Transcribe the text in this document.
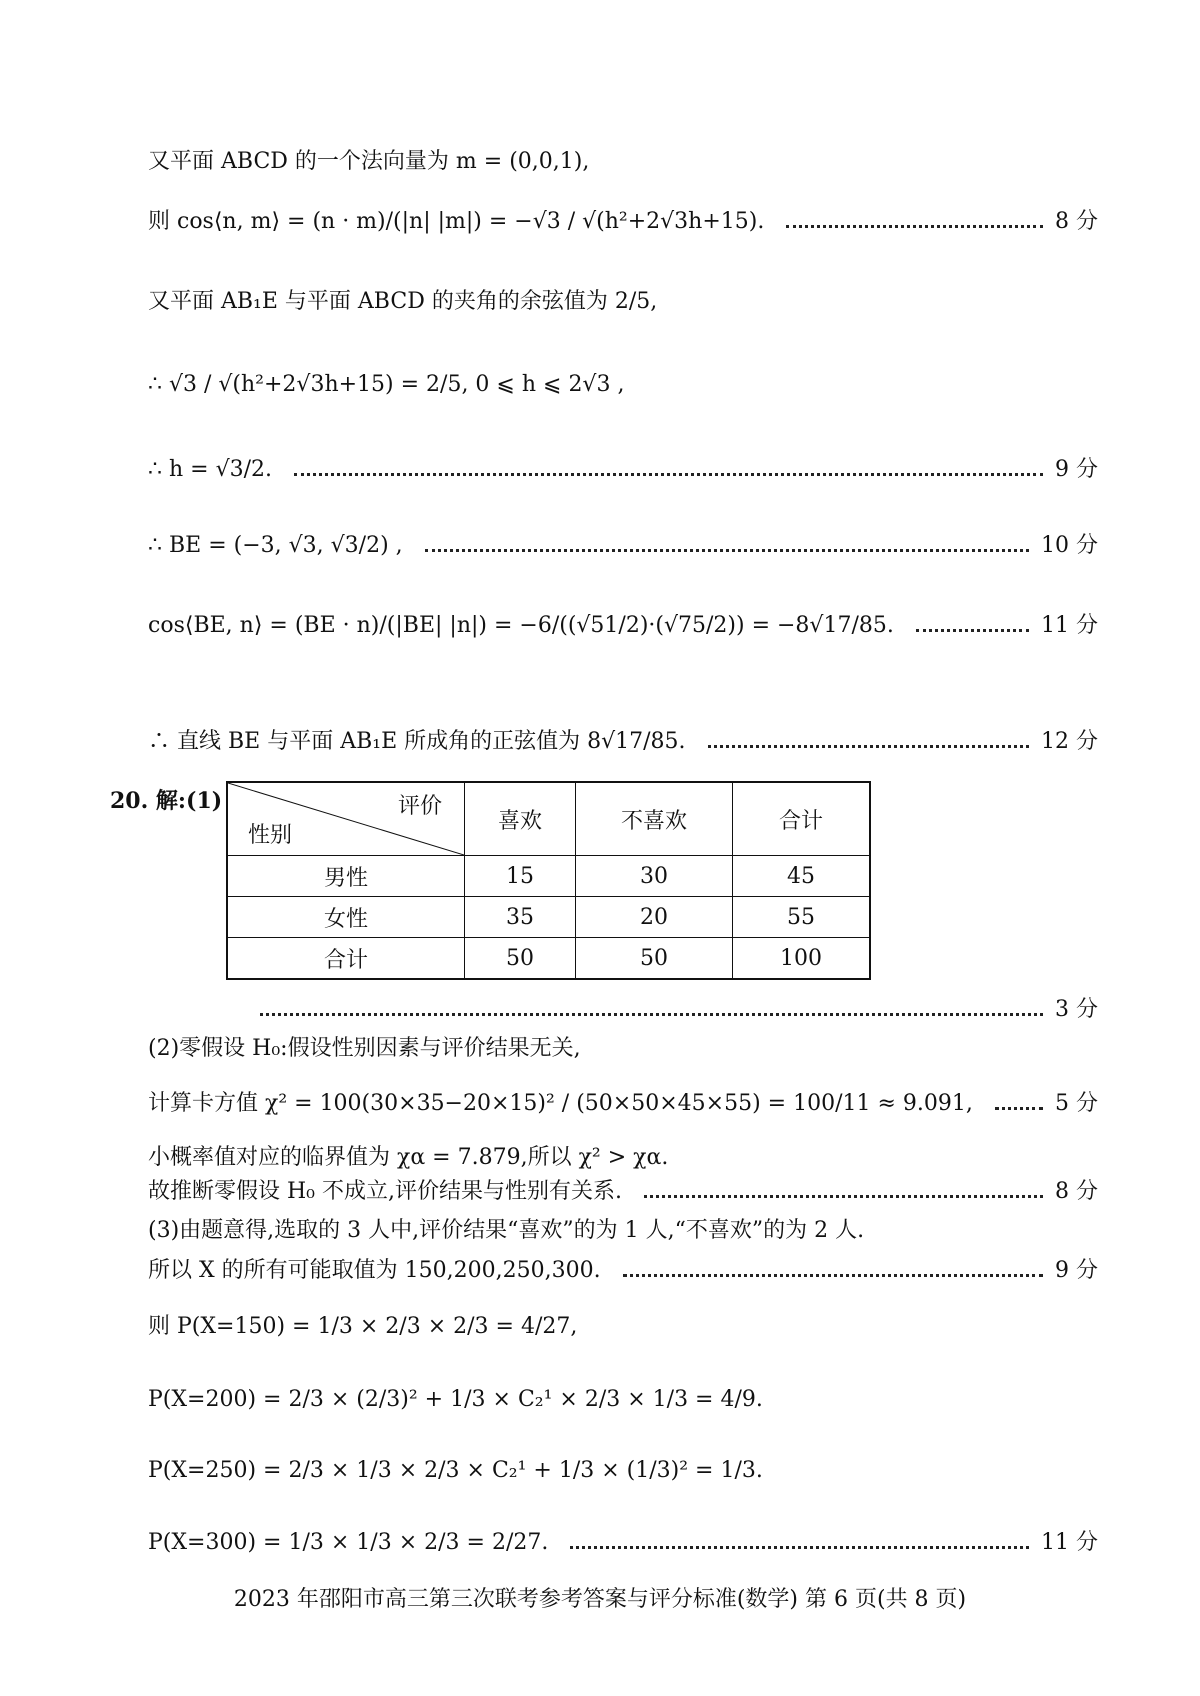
又平面 ABCD 的一个法向量为 m = (0,0,1),
则 cos⟨n, m⟩ = (n · m)/(|n| |m|) = −√3 / √(h²+2√3h+15).	8 分
又平面 AB₁E 与平面 ABCD 的夹角的余弦值为 2/5,
∴ √3 / √(h²+2√3h+15) = 2/5, 0 ⩽ h ⩽ 2√3 ,
∴ h = √3/2.	9 分
∴ BE = (−3, √3, √3/2) ,	10 分
cos⟨BE, n⟩ = (BE · n)/(|BE| |n|) = −6/((√51/2)·(√75/2)) = −8√17/85.	11 分
∴ 直线 BE 与平面 AB₁E 所成角的正弦值为 8√17/85.	12 分
20. 解:(1)	评价
性别	喜欢	不喜欢	合计
男性	15	30	45
女性	35	20	55
合计	50	50	100
3 分
(2)零假设 H₀:假设性别因素与评价结果无关,
计算卡方值 χ² = 100(30×35−20×15)² / (50×50×45×55) = 100/11 ≈ 9.091,	5 分
小概率值对应的临界值为 χα = 7.879,所以 χ² > χα.
故推断零假设 H₀ 不成立,评价结果与性别有关系.	8 分
(3)由题意得,选取的 3 人中,评价结果“喜欢”的为 1 人,“不喜欢”的为 2 人.
所以 X 的所有可能取值为 150,200,250,300.	9 分
则 P(X=150) = 1/3 × 2/3 × 2/3 = 4/27,
P(X=200) = 2/3 × (2/3)² + 1/3 × C₂¹ × 2/3 × 1/3 = 4/9.
P(X=250) = 2/3 × 1/3 × 2/3 × C₂¹ + 1/3 × (1/3)² = 1/3.
P(X=300) = 1/3 × 1/3 × 2/3 = 2/27.	11 分
2023 年邵阳市高三第三次联考参考答案与评分标准(数学) 第 6 页(共 8 页)
